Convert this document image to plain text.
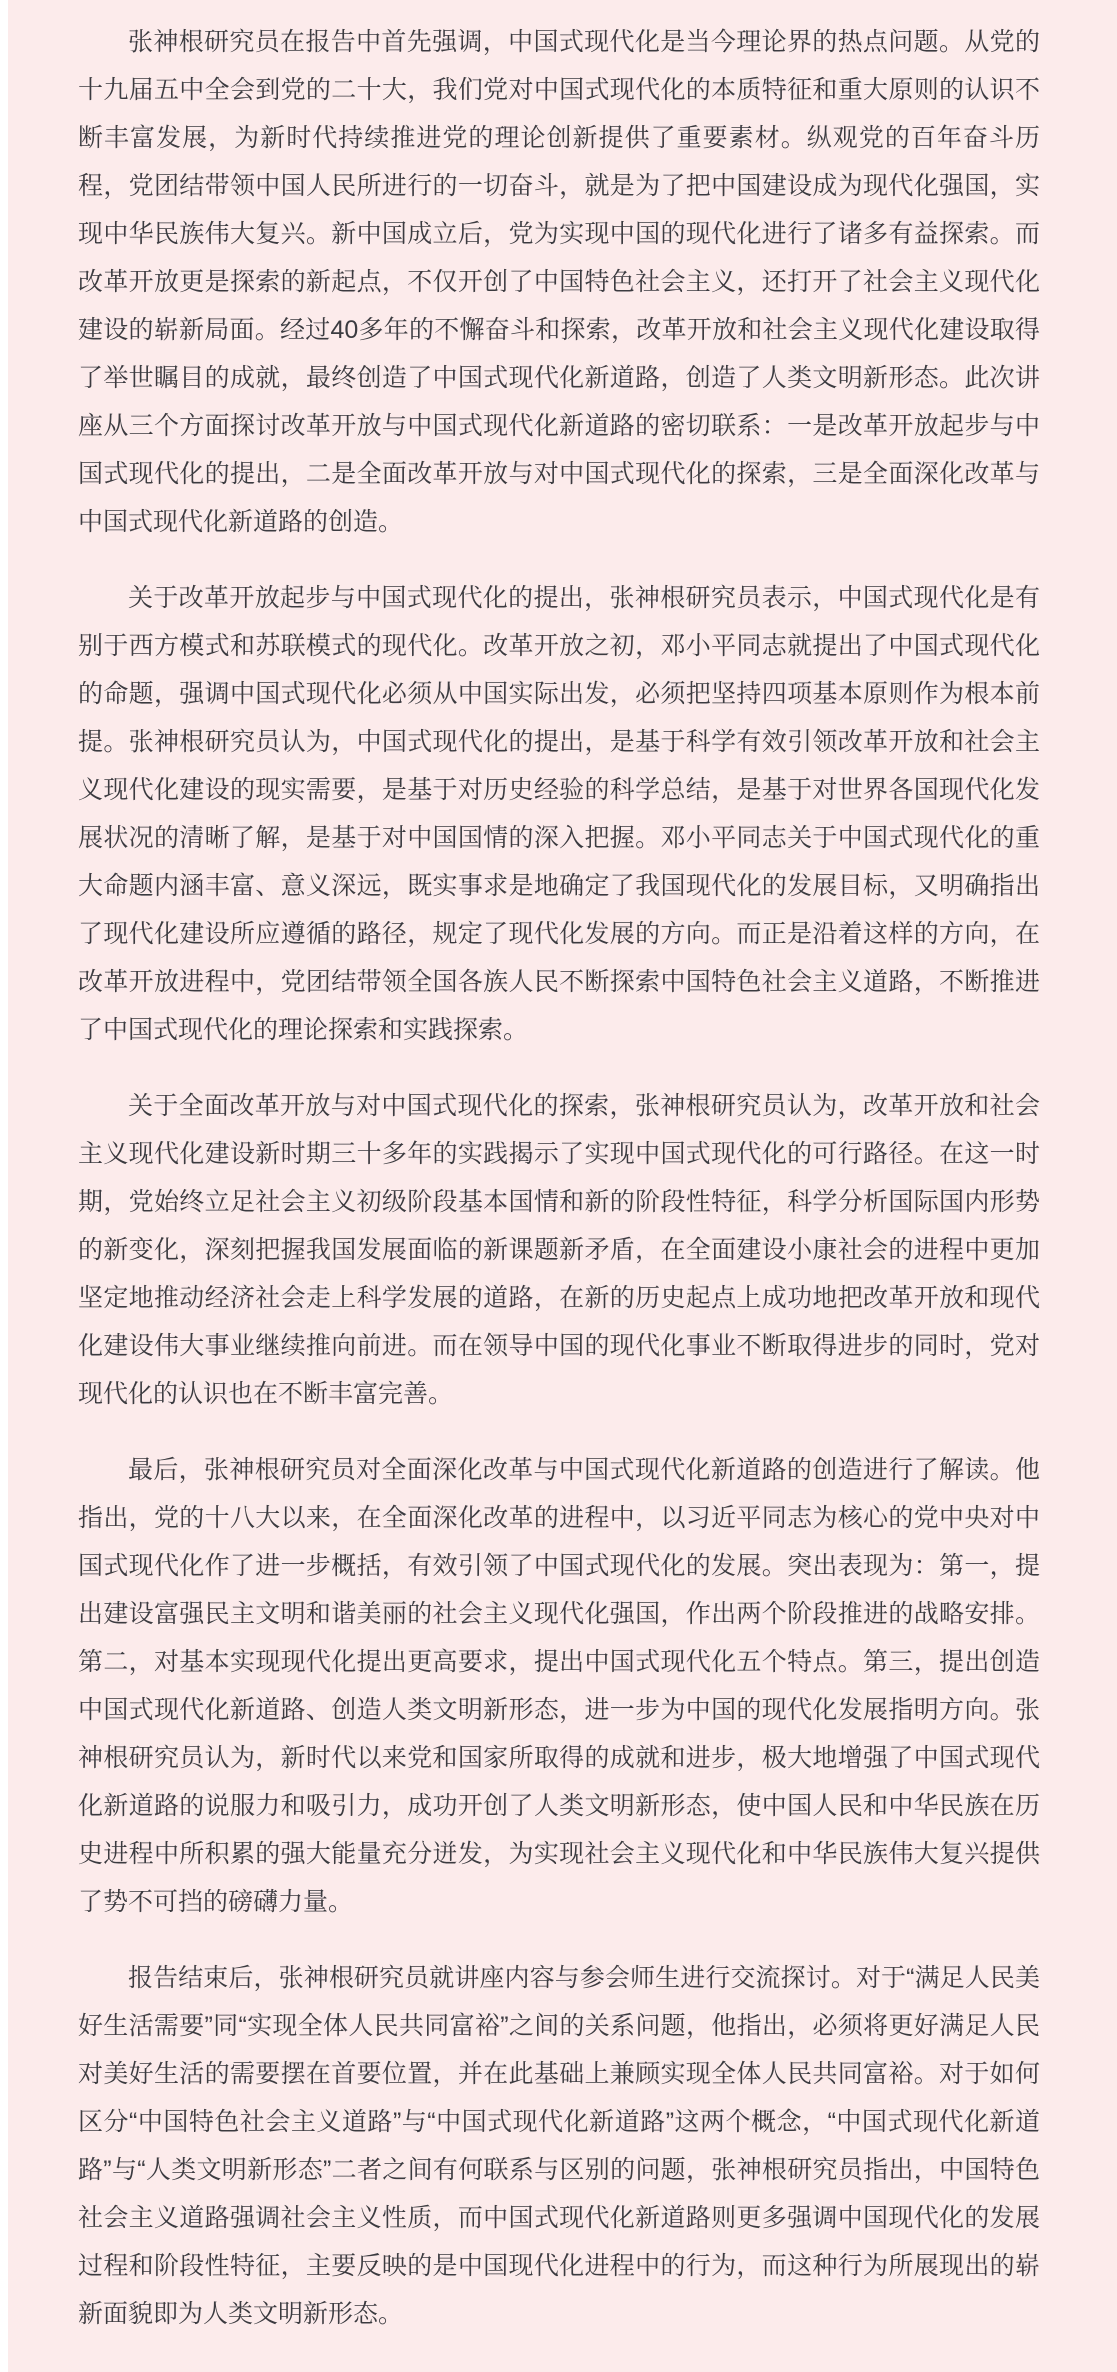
张神根研究员在报告中首先强调，中国式现代化是当今理论界的热点问题。从党的十九届五中全会到党的二十大，我们党对中国式现代化的本质特征和重大原则的认识不断丰富发展，为新时代持续推进党的理论创新提供了重要素材。纵观党的百年奋斗历程，党团结带领中国人民所进行的一切奋斗，就是为了把中国建设成为现代化强国，实现中华民族伟大复兴。新中国成立后，党为实现中国的现代化进行了诸多有益探索。而改革开放更是探索的新起点，不仅开创了中国特色社会主义，还打开了社会主义现代化建设的崭新局面。经过40多年的不懈奋斗和探索，改革开放和社会主义现代化建设取得了举世瞩目的成就，最终创造了中国式现代化新道路，创造了人类文明新形态。此次讲座从三个方面探讨改革开放与中国式现代化新道路的密切联系：一是改革开放起步与中国式现代化的提出，二是全面改革开放与对中国式现代化的探索，三是全面深化改革与中国式现代化新道路的创造。

关于改革开放起步与中国式现代化的提出，张神根研究员表示，中国式现代化是有别于西方模式和苏联模式的现代化。改革开放之初，邓小平同志就提出了中国式现代化的命题，强调中国式现代化必须从中国实际出发，必须把坚持四项基本原则作为根本前提。张神根研究员认为，中国式现代化的提出，是基于科学有效引领改革开放和社会主义现代化建设的现实需要，是基于对历史经验的科学总结，是基于对世界各国现代化发展状况的清晰了解，是基于对中国国情的深入把握。邓小平同志关于中国式现代化的重大命题内涵丰富、意义深远，既实事求是地确定了我国现代化的发展目标，又明确指出了现代化建设所应遵循的路径，规定了现代化发展的方向。而正是沿着这样的方向，在改革开放进程中，党团结带领全国各族人民不断探索中国特色社会主义道路，不断推进了中国式现代化的理论探索和实践探索。

关于全面改革开放与对中国式现代化的探索，张神根研究员认为，改革开放和社会主义现代化建设新时期三十多年的实践揭示了实现中国式现代化的可行路径。在这一时期，党始终立足社会主义初级阶段基本国情和新的阶段性特征，科学分析国际国内形势的新变化，深刻把握我国发展面临的新课题新矛盾，在全面建设小康社会的进程中更加坚定地推动经济社会走上科学发展的道路，在新的历史起点上成功地把改革开放和现代化建设伟大事业继续推向前进。而在领导中国的现代化事业不断取得进步的同时，党对现代化的认识也在不断丰富完善。

最后，张神根研究员对全面深化改革与中国式现代化新道路的创造进行了解读。他指出，党的十八大以来，在全面深化改革的进程中，以习近平同志为核心的党中央对中国式现代化作了进一步概括，有效引领了中国式现代化的发展。突出表现为：第一，提出建设富强民主文明和谐美丽的社会主义现代化强国，作出两个阶段推进的战略安排。第二，对基本实现现代化提出更高要求，提出中国式现代化五个特点。第三，提出创造中国式现代化新道路、创造人类文明新形态，进一步为中国的现代化发展指明方向。张神根研究员认为，新时代以来党和国家所取得的成就和进步，极大地增强了中国式现代化新道路的说服力和吸引力，成功开创了人类文明新形态，使中国人民和中华民族在历史进程中所积累的强大能量充分迸发，为实现社会主义现代化和中华民族伟大复兴提供了势不可挡的磅礴力量。

报告结束后，张神根研究员就讲座内容与参会师生进行交流探讨。对于“满足人民美好生活需要”同“实现全体人民共同富裕”之间的关系问题，他指出，必须将更好满足人民对美好生活的需要摆在首要位置，并在此基础上兼顾实现全体人民共同富裕。对于如何区分“中国特色社会主义道路”与“中国式现代化新道路”这两个概念，“中国式现代化新道路”与“人类文明新形态”二者之间有何联系与区别的问题，张神根研究员指出，中国特色社会主义道路强调社会主义性质，而中国式现代化新道路则更多强调中国现代化的发展过程和阶段性特征，主要反映的是中国现代化进程中的行为，而这种行为所展现出的崭新面貌即为人类文明新形态。
